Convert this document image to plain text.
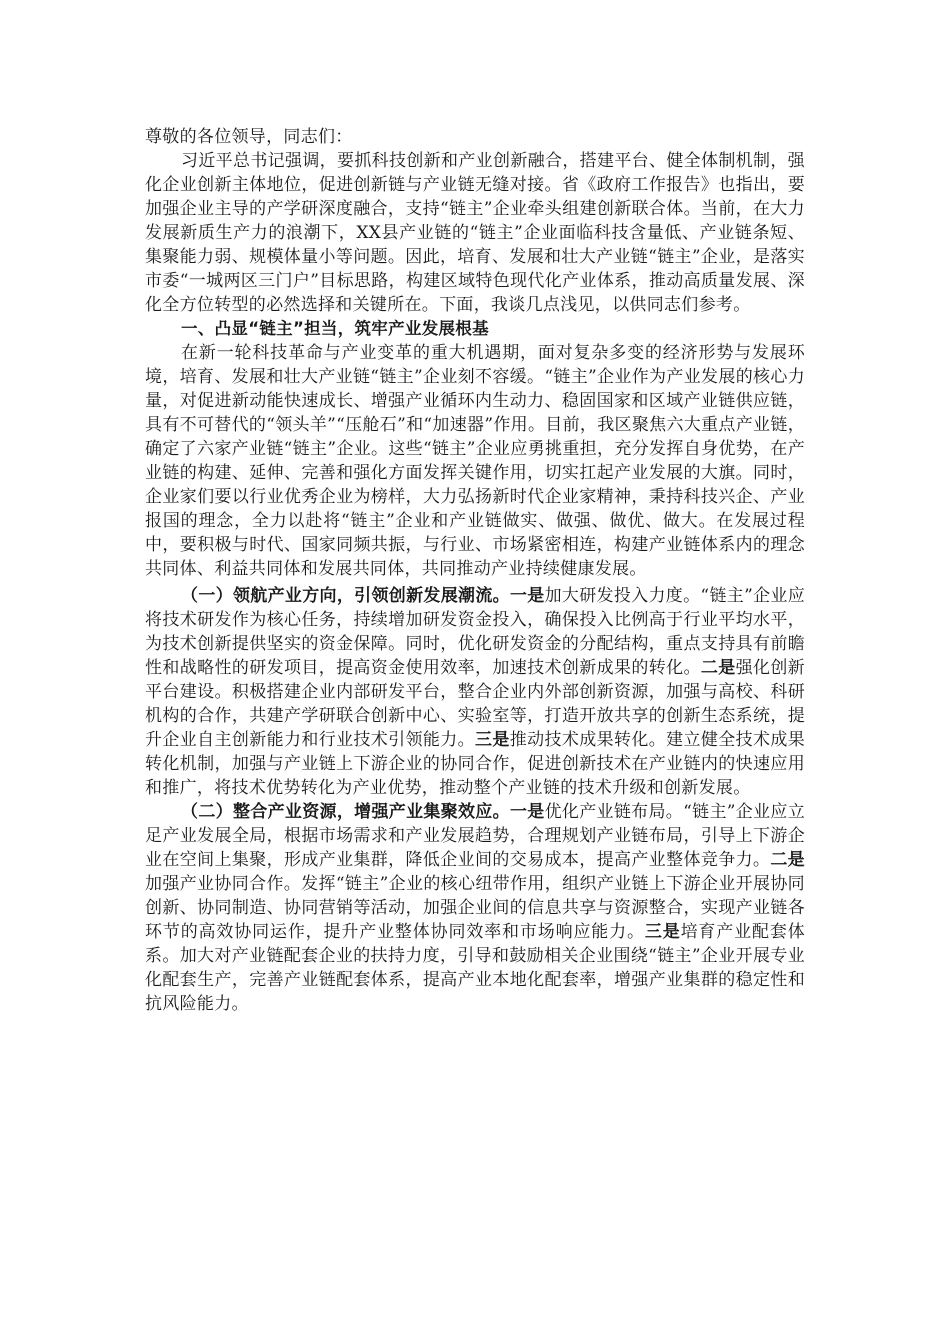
尊敬的各位领导，同志们：

习近平总书记强调，要抓科技创新和产业创新融合，搭建平台、健全体制机制，强化企业创新主体地位，促进创新链与产业链无缝对接。省《政府工作报告》也指出，要加强企业主导的产学研深度融合，支持“链主”企业牵头组建创新联合体。当前，在大力发展新质生产力的浪潮下，XX县产业链的“链主”企业面临科技含量低、产业链条短、集聚能力弱、规模体量小等问题。因此，培育、发展和壮大产业链“链主”企业，是落实市委“一城两区三门户”目标思路，构建区域特色现代化产业体系，推动高质量发展、深化全方位转型的必然选择和关键所在。下面，我谈几点浅见，以供同志们参考。

一、凸显“链主”担当，筑牢产业发展根基

在新一轮科技革命与产业变革的重大机遇期，面对复杂多变的经济形势与发展环境，培育、发展和壮大产业链“链主”企业刻不容缓。“链主”企业作为产业发展的核心力量，对促进新动能快速成长、增强产业循环内生动力、稳固国家和区域产业链供应链，具有不可替代的“领头羊”“压舱石”和“加速器”作用。目前，我区聚焦六大重点产业链，确定了六家产业链“链主”企业。这些“链主”企业应勇挑重担，充分发挥自身优势，在产业链的构建、延伸、完善和强化方面发挥关键作用，切实扛起产业发展的大旗。同时，企业家们要以行业优秀企业为榜样，大力弘扬新时代企业家精神，秉持科技兴企、产业报国的理念，全力以赴将“链主”企业和产业链做实、做强、做优、做大。在发展过程中，要积极与时代、国家同频共振，与行业、市场紧密相连，构建产业链体系内的理念共同体、利益共同体和发展共同体，共同推动产业持续健康发展。

（一）领航产业方向，引领创新发展潮流。一是加大研发投入力度。“链主”企业应将技术研发作为核心任务，持续增加研发资金投入，确保投入比例高于行业平均水平，为技术创新提供坚实的资金保障。同时，优化研发资金的分配结构，重点支持具有前瞻性和战略性的研发项目，提高资金使用效率，加速技术创新成果的转化。二是强化创新平台建设。积极搭建企业内部研发平台，整合企业内外部创新资源，加强与高校、科研机构的合作，共建产学研联合创新中心、实验室等，打造开放共享的创新生态系统，提升企业自主创新能力和行业技术引领能力。三是推动技术成果转化。建立健全技术成果转化机制，加强与产业链上下游企业的协同合作，促进创新技术在产业链内的快速应用和推广，将技术优势转化为产业优势，推动整个产业链的技术升级和创新发展。

（二）整合产业资源，增强产业集聚效应。一是优化产业链布局。“链主”企业应立足产业发展全局，根据市场需求和产业发展趋势，合理规划产业链布局，引导上下游企业在空间上集聚，形成产业集群，降低企业间的交易成本，提高产业整体竞争力。二是加强产业协同合作。发挥“链主”企业的核心纽带作用，组织产业链上下游企业开展协同创新、协同制造、协同营销等活动，加强企业间的信息共享与资源整合，实现产业链各环节的高效协同运作，提升产业整体协同效率和市场响应能力。三是培育产业配套体系。加大对产业链配套企业的扶持力度，引导和鼓励相关企业围绕“链主”企业开展专业化配套生产，完善产业链配套体系，提高产业本地化配套率，增强产业集群的稳定性和抗风险能力。
